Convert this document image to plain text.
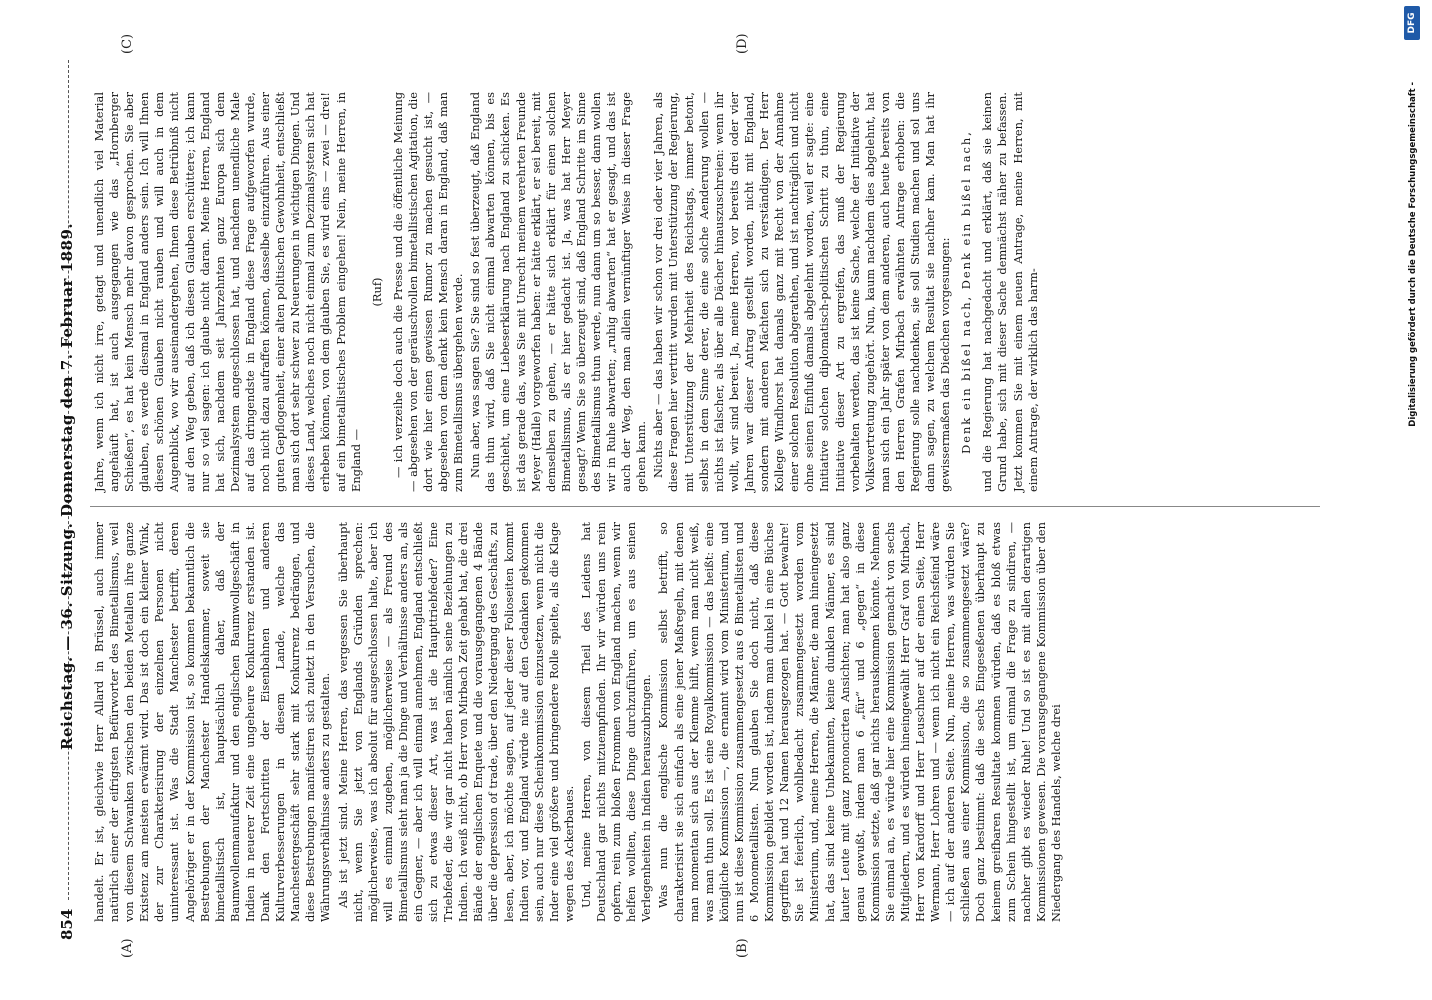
854
Reichstag. — 36. Sitzung. Donnerstag den 7. Februar 1889.
(A)	(B)
(C)	(D)

handelt. Er ist, gleichwie Herr Allard in Brüssel, auch immer natürlich einer der eifrigsten Befürworter des Bimetallismus, weil von diesem Schwanken zwischen den beiden Metallen ihre ganze Existenz am meisten erwärmt wird. Das ist doch ein kleiner Wink, der zur Charakterisirung der einzelnen Personen nicht uninteressant ist. Was die Stadt Manchester betrifft, deren Angehöriger er in der Kommission ist, so kommen bekanntlich die Bestrebungen der Manchester Handelskammer, soweit sie bimetallistisch ist, hauptsächlich daher, daß der Baumwollenmanufaktur und den englischen Baumwollgeschäft in Indien in neuerer Zeit eine ungeheure Konkurrenz erstanden ist. Dank den Fortschritten der Eisenbahnen und anderen Kulturverbesserungen in diesem Lande, welche das Manchestergeschäft sehr stark mit Konkurrenz bedrängen, und diese Bestrebungen manifestiren sich zuletzt in den Versuchen, die Währungsverhältnisse anders zu gestalten. Als ist jetzt sind. Meine Herren, das vergessen Sie überhaupt nicht, wenn Sie jetzt von Englands Gründen sprechen: möglicherweise, was ich absolut für ausgeschlossen halte, aber ich will es einmal zugeben, möglicherweise — als Freund des Bimetallismus sieht man ja die Dinge und Verhältnisse anders an, als ein Gegner, — aber ich will einmal annehmen, England entschließt sich zu etwas dieser Art, was ist die Haupttriebfeder? Eine Triebfeder, die wir gar nicht haben nämlich seine Beziehungen zu Indien. Ich weiß nicht, ob Herr von Mirbach Zeit gehabt hat, die drei Bände der englischen Enquete und die vorausgegangenen 4 Bände über die depression of trade, über den Niedergang des Geschäfts, zu lesen, aber, ich möchte sagen, auf jeder dieser Folioseiten kommt Indien vor, und England würde nie auf den Gedanken gekommen sein, auch nur diese Scheinkommission einzusetzen, wenn nicht die Inder eine viel größere und bringendere Rolle spielte, als die Klage wegen des Ackerbaues. Und, meine Herren, von diesem Theil des Leidens hat Deutschland gar nichts mitzuempfinden. Ihr wir würden uns rein opfern, rein zum bloßen Frommen von England machen, wenn wir helfen wollten, diese Dinge durchzuführen, um es aus seinen Verlegenheiten in Indien herauszubringen. Was nun die englische Kommission selbst betrifft, so charakterisirt sie sich einfach als eine jener Maßregeln, mit denen man momentan sich aus der Klemme hilft, wenn man nicht weiß, was man thun soll. Es ist eine Royalkommission — das heißt: eine königliche Kommission —, die ernannt wird vom Ministerium, und nun ist diese Kommission zusammengesetzt aus 6 Bimetallisten und 6 Monometallisten. Nun glauben Sie doch nicht, daß diese Kommission gebildet worden ist, indem man dunkel in eine Büchse gegriffen hat und 12 Namen herausgezogen hat. — Gott bewahre! Sie ist feierlich, wohlbedacht zusammengesetzt worden vom Ministerium, und, meine Herren, die Männer, die man hineingesetzt hat, das sind keine Unbekannten, keine dunklen Männer, es sind lauter Leute mit ganz prononcirten Ansichten; man hat also ganz genau gewußt, indem man 6 „für“ und 6 „gegen“ in diese Kommission setzte, daß gar nichts herauskommen könnte. Nehmen Sie einmal an, es würde hier eine Kommission gemacht von sechs Mitgliedern, und es würden hineingewählt Herr Graf von Mirbach, Herr von Kardorff und Herr Leuschner auf der einen Seite, Herr Wermann, Herr Lohren und — wenn ich nicht ein Reichsfeind wäre — ich auf der anderen Seite. Nun, meine Herren, was würden Sie schließen aus einer Kommission, die so zusammengesetzt wäre? Doch ganz bestimmt: daß die sechs Eingeseßenen überhaupt zu keinem greifbaren Resultate kommen würden, daß es bloß etwas zum Schein hingestellt ist, um einmal die Frage zu sindiren, — nachher gibt es wieder Ruhe! Und so ist es mit allen derartigen Kommissionen gewesen. Die vorausgegangene Kommission über den Niedergang des Handels, welche drei

Jahre, wenn ich nicht irre, getagt und unendlich viel Material angehäuft hat, ist auch ausgegangen wie das „Hornberger Schießen“, es hat kein Mensch mehr davon gesprochen. Sie aber glauben, es werde diesmal in England anders sein. Ich will Ihnen diesen schönen Glauben nicht rauben und will auch in dem Augenblick, wo wir auseinandergehen, Ihnen diese Betrübniß nicht auf den Weg geben, daß ich diesen Glauben erschüttere; ich kann nur so viel sagen: ich glaube nicht daran. Meine Herren, England hat sich, nachdem seit Jahrzehnten ganz Europa sich dem Dezimalsystem angeschlossen hat, und nachdem unendliche Male auf das dringendste in England diese Frage aufgeworfen wurde, noch nicht dazu aufraffen können, dasselbe einzuführen. Aus einer guten Gepflogenheit, einer alten politischen Gewohnheit, entschließt man sich dort sehr schwer zu Neuerungen in wichtigen Dingen. Und dieses Land, welches noch nicht einmal zum Dezimalsystem sich hat erheben können, von dem glauben Sie, es wird eins — zwei — drei! auf ein bimetallistisches Problem eingehen! Nein, meine Herren, in England —

(Ruf) — ich verzeihe doch auch die Presse und die öffentliche Meinung — abgesehen von der geräuschvollen bimetallistischen Agitation, die dort wie hier einen gewissen Rumor zu machen gesucht ist, — abgesehen von dem denkt kein Mensch daran in England, daß man zum Bimetallismus übergehen werde. Nun aber, was sagen Sie? Sie sind so fest überzeugt, daß England das thun wird, daß Sie nicht einmal abwarten können, bis es geschieht, um eine Liebeserklärung nach England zu schicken. Es ist das gerade das, was Sie mit Unrecht meinem verehrten Freunde Meyer (Halle) vorgeworfen haben: er hätte erklärt, er sei bereit, mit demselben zu gehen, — er hätte sich erklärt für einen solchen Bimetallismus, als er hier gedacht ist. Ja, was hat Herr Meyer gesagt? Wenn Sie so überzeugt sind, daß England Schritte im Sinne des Bimetallismus thun werde, nun dann um so besser, dann wollen wir in Ruhe abwarten; „ruhig abwarten“ hat er gesagt, und das ist auch der Weg, den man allein vernünftiger Weise in dieser Frage gehen kann. Nichts aber — das haben wir schon vor drei oder vier Jahren, als diese Fragen hier vertritt wurden mit Unterstützung der Regierung, mit Unterstützung der Mehrheit des Reichstags, immer betont, selbst in dem Sinne derer, die eine solche Aenderung wollen — nichts ist falscher, als über alle Dächer hinauszuschreien: wenn ihr wollt, wir sind bereit. Ja, meine Herren, vor bereits drei oder vier Jahren war dieser Antrag gestellt worden, nicht mit England, sondern mit anderen Mächten sich zu verständigen. Der Herr Kollege Windhorst hat damals ganz mit Recht von der Annahme einer solchen Resolution abgerathen, und ist nachträglich und nicht ohne seinen Einfluß damals abgelehnt worden, weil er sagte: eine Initiative solchen diplomatisch-politischen Schritt zu thun, eine Initiative dieser Art zu ergreifen, das muß der Regierung vorbehalten werden, das ist keine Sache, welche der Initiative der Volksvertretung zugehört. Nun, kaum nachdem dies abgelehnt, hat man sich ein Jahr später von dem anderen, auch heute bereits von den Herren Grafen Mirbach erwähnten Antrage erhoben: die Regierung solle nachdenken, sie soll Studien machen und sol uns dann sagen, zu welchem Resultat sie nachher kam. Man hat ihr gewissermaßen das Diedchen vorgesungen: Denk ein bißel nach, Denk ein bißel nach, und die Regierung hat nachgedacht und erklärt, daß sie keinen Grund habe, sich mit dieser Sache demnächst näher zu befassen. Jetzt kommen Sie mit einem neuen Antrage, meine Herren, mit einem Antrage, der wirklich das harm-	Digitalisierung gefördert durch die Deutsche Forschungsgemeinschaft -
DFG
